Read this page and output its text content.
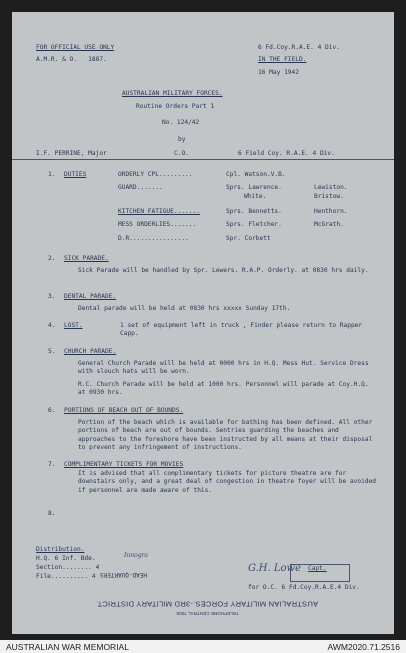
FOR OFFICIAL USE ONLY
A.M.R. & O.   1887.
6 Fd.Coy.R.A.E. 4 Div.
IN THE FIELD.
16 May 1942
AUSTRALIAN MILITARY FORCES.
Routine Orders Part 1
No. 124/42
by
I.F. PERRINE, Major	C.O.	6 Field Coy. R.A.E. 4 Div.
1. DUTIES	ORDERLY CPL.........	Cpl. Watson.V.B.
GUARD.......	Sprs. Lawrence.	Lewiston.
White.	Bristow.
KITCHEN FATIGUE.......	Sprs. Bennetts.	Henthorn.
MESS ORDERLIES.......	Sprs. Fletcher.	McGrath.
D.R................	Spr. Corbett
2. SICK PARADE.
Sick Parade will be handled by Spr. Lewers. R.A.P. Orderly. at 0830 hrs daily.
3. DENTAL PARADE.
Dental parade will be held at 0830 hrs xxxxx Sunday 17th.
4. LOST.	1 set of equipment left in truck , Finder please return to Rapper Capp.
5. CHURCH PARADE.
General Church Parade will be held at 0000 hrs in H.Q. Mess Hut. Service Dress with slouch hats will be worn.
R.C. Church Parade will be held at 1000 hrs. Personnel will parade at Coy.H.Q. at 0930 hrs.
6. PORTIONS OF BEACH OUT OF BOUNDS.
Portion of the beach which is available for bathing has been defined. All other portions of beach are out of bounds. Sentries guarding the beaches and approaches to the foreshore have been instructed by all means at their disposal to prevent any infringement of instructions.
7. COMPLIMENTARY TICKETS FOR MOVIES
It is advised that all complimentary tickets for picture theatre are for downstairs only, and a great deal of congestion in theatre foyer will be avoided if personnel are made aware of this.
8.
Distribution.
H.Q. 6 Inf. Bde.
Section........ 4
File.......... 4
Innogra
HEAD-QUARTERS
G.H. Lowe Capt.
for O.C. 6 Fd.Coy.R.A.E.4 Div.
AUSTRALIAN MILITARY FORCES.-3RD MILITARY DISTRICT.
TELEPHONE CENTRAL 7000.
AUSTRALIAN WAR MEMORIAL	AWM2020.71.2516
